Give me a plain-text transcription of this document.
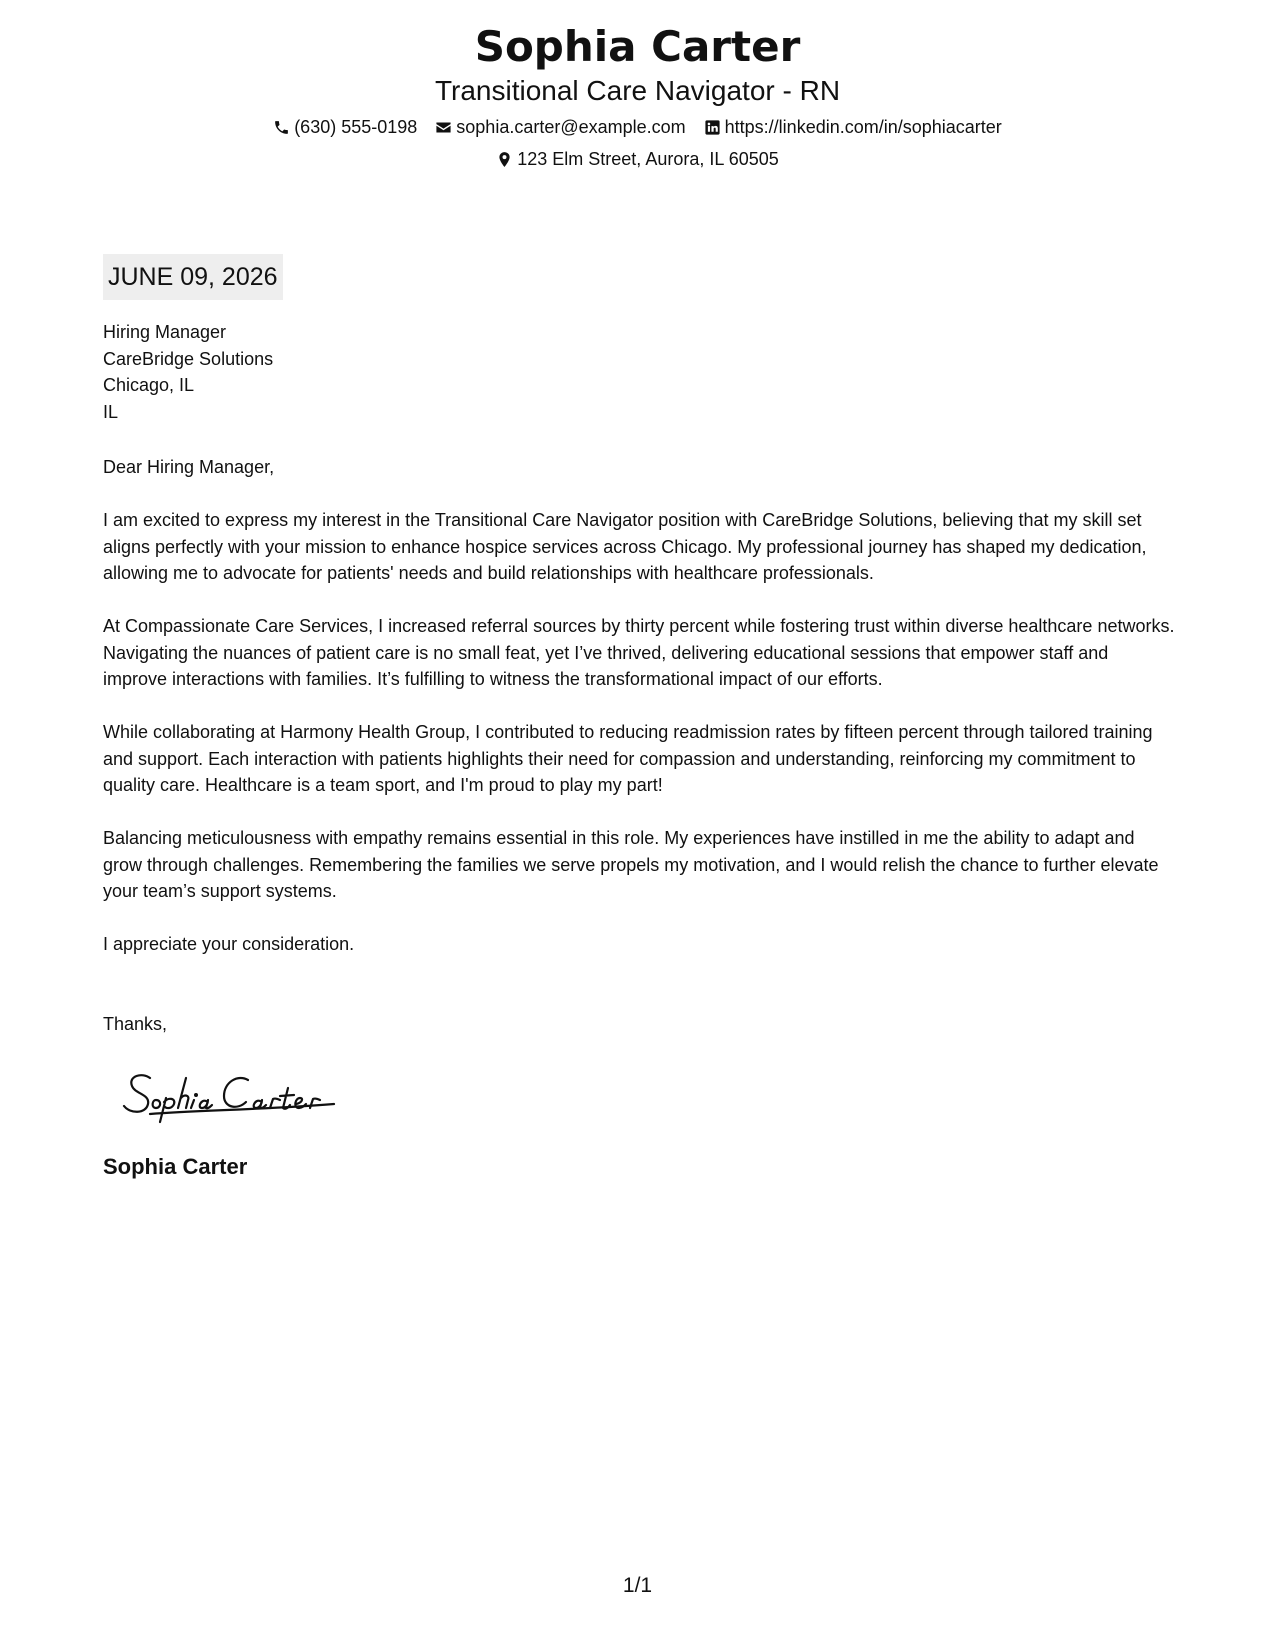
Sophia Carter
Transitional Care Navigator - RN
(630) 555-0198 sophia.carter@example.com https://linkedin.com/in/sophiacarter
123 Elm Street, Aurora, IL 60505
JUNE 09, 2026
Hiring Manager
CareBridge Solutions
Chicago, IL
IL
Dear Hiring Manager,

I am excited to express my interest in the Transitional Care Navigator position with CareBridge Solutions, believing that my skill set aligns perfectly with your mission to enhance hospice services across Chicago. My professional journey has shaped my dedication, allowing me to advocate for patients' needs and build relationships with healthcare professionals.

At Compassionate Care Services, I increased referral sources by thirty percent while fostering trust within diverse healthcare networks. Navigating the nuances of patient care is no small feat, yet I’ve thrived, delivering educational sessions that empower staff and improve interactions with families. It’s fulfilling to witness the transformational impact of our efforts.

While collaborating at Harmony Health Group, I contributed to reducing readmission rates by fifteen percent through tailored training and support. Each interaction with patients highlights their need for compassion and understanding, reinforcing my commitment to quality care. Healthcare is a team sport, and I'm proud to play my part!

Balancing meticulousness with empathy remains essential in this role. My experiences have instilled in me the ability to adapt and grow through challenges. Remembering the families we serve propels my motivation, and I would relish the chance to further elevate your team’s support systems.

I appreciate your consideration.
Thanks,
Sophia Carter
1/1
